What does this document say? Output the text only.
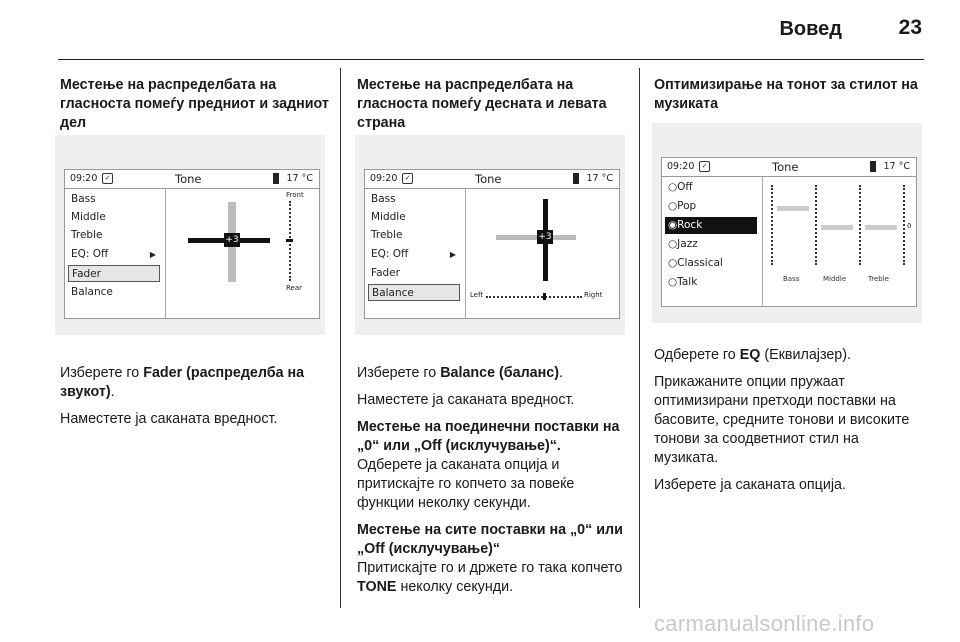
Вовед	23

Местење на распределбата на гласноста помеѓу предниот и задниот дел

09:20	✓	Tone	17 °C
Bass
Middle
Treble
EQ: Off	▶
Fader
Balance
+3
Front
Rear

Изберете го Fader (распределба на звукот).

Наместете ја саканата вредност.

Местење на распределбата на гласноста помеѓу десната и левата страна

09:20	✓	Tone	17 °C
Bass
Middle
Treble
EQ: Off	▶
Fader
Balance
+3
Left	Right

Изберете го Balance (баланс).

Наместете ја саканата вредност.

Местење на поединечни поставки на „0“ или „Off (исклучување)“.

Одберете ја саканата опција и притискајте го копчето за повеќе функции неколку секунди.

Местење на сите поставки на „0“ или „Off (исклучување)“

Притискајте го и држете го така копчето TONE неколку секунди.

Оптимизирање на тонот за стилот на музиката

09:20	✓	Tone	17 °C
○Off
○Pop
◉Rock
○Jazz
○Classical
○Talk
0
Bass	Middle	Treble

Одберете го EQ (Еквилајзер).

Прикажаните опции пружаат оптимизирани претходи поставки на басовите, средните тонови и високите тонови за соодветниот стил на музиката.

Изберете ја саканата опција.

carmanualsonline.info
